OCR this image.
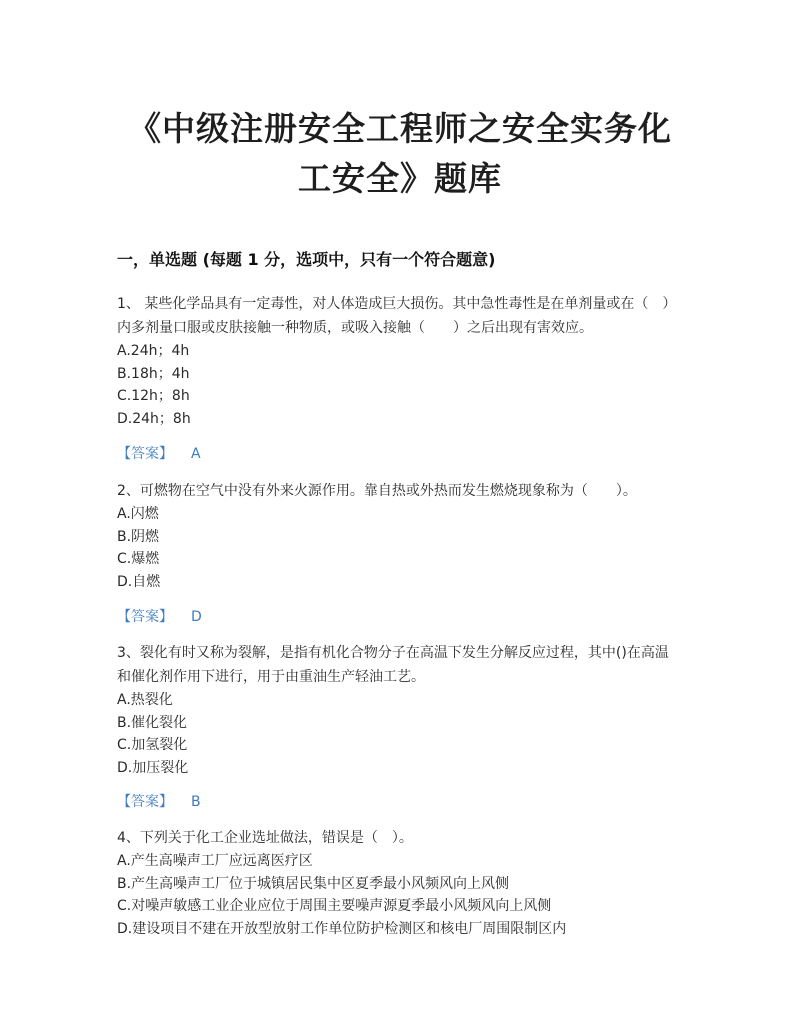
《中级注册安全工程师之安全实务化
工安全》题库
一，单选题 (每题 1 分，选项中，只有一个符合题意)
1、 某些化学品具有一定毒性，对人体造成巨大损伤。其中急性毒性是在单剂量或在（　）内多剂量口服或皮肤接触一种物质，或吸入接触（　　）之后出现有害效应。
A.24h；4h
B.18h；4h
C.12h；8h
D.24h；8h
【答案】 A
2、可燃物在空气中没有外来火源作用。靠自热或外热而发生燃烧现象称为（　　）。
A.闪燃
B.阴燃
C.爆燃
D.自燃
【答案】 D
3、裂化有时又称为裂解，是指有机化合物分子在高温下发生分解反应过程，其中()在高温和催化剂作用下进行，用于由重油生产轻油工艺。
A.热裂化
B.催化裂化
C.加氢裂化
D.加压裂化
【答案】 B
4、下列关于化工企业选址做法，错误是（　）。
A.产生高噪声工厂应远离医疗区
B.产生高噪声工厂位于城镇居民集中区夏季最小风频风向上风侧
C.对噪声敏感工业企业应位于周围主要噪声源夏季最小风频风向上风侧
D.建设项目不建在开放型放射工作单位防护检测区和核电厂周围限制区内
